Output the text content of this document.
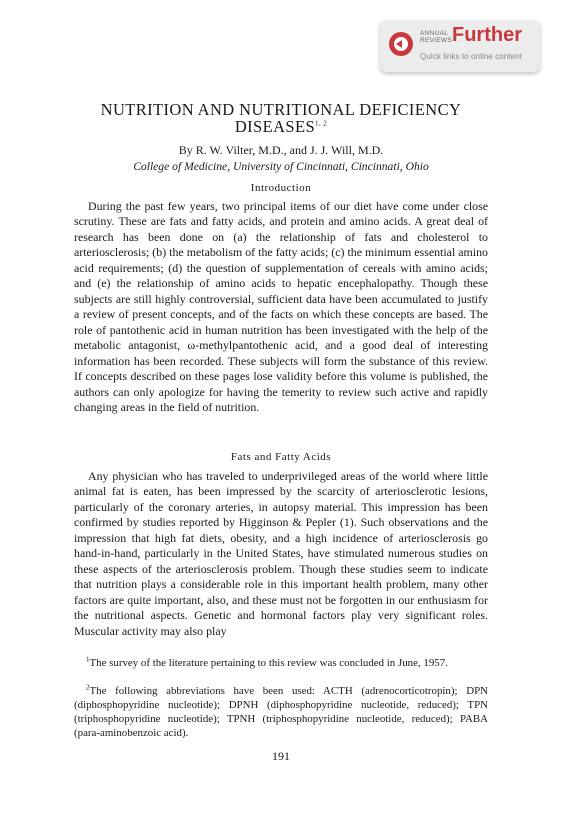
ANNUAL
REVIEWS Further
Quick links to online content
NUTRITION AND NUTRITIONAL DEFICIENCY
DISEASES$^{1, 2}$
By R. W. Vilter, M.D., and J. J. Will, M.D.
College of Medicine, University of Cincinnati, Cincinnati, Ohio
Introduction

During the past few years, two principal items of our diet have come under close scrutiny. These are fats and fatty acids, and protein and amino acids. A great deal of research has been done on (a) the relationship of fats and cholesterol to arteriosclerosis; (b) the metabolism of the fatty acids; (c) the minimum essential amino acid requirements; (d) the question of supplementation of cereals with amino acids; and (e) the relationship of amino acids to hepatic encephalopathy. Though these subjects are still highly controversial, sufficient data have been accumulated to justify a review of present concepts, and of the facts on which these concepts are based. The role of pantothenic acid in human nutrition has been investigated with the help of the metabolic antagonist, ω-methylpantothenic acid, and a good deal of interesting information has been recorded. These subjects will form the substance of this review. If concepts described on these pages lose validity before this volume is published, the authors can only apologize for having the temerity to review such active and rapidly changing areas in the field of nutrition.

Fats and Fatty Acids

Any physician who has traveled to underprivileged areas of the world where little animal fat is eaten, has been impressed by the scarcity of arteriosclerotic lesions, particularly of the coronary arteries, in autopsy material. This impression has been confirmed by studies reported by Higginson & Pepler (1). Such observations and the impression that high fat diets, obesity, and a high incidence of arteriosclerosis go hand-in-hand, particularly in the United States, have stimulated numerous studies on these aspects of the arteriosclerosis problem. Though these studies seem to indicate that nutrition plays a considerable role in this important health problem, many other factors are quite important, also, and these must not be forgotten in our enthusiasm for the nutritional aspects. Genetic and hormonal factors play very significant roles. Muscular activity may also play

$^1$The survey of the literature pertaining to this review was concluded in June, 1957.
$^2$The following abbreviations have been used: ACTH (adrenocorticotropin); DPN (diphosphopyridine nucleotide); DPNH (diphosphopyridine nucleotide, reduced); TPN (triphosphopyridine nucleotide); TPNH (triphosphopyridine nucleotide, reduced); PABA (para-aminobenzoic acid).
191
